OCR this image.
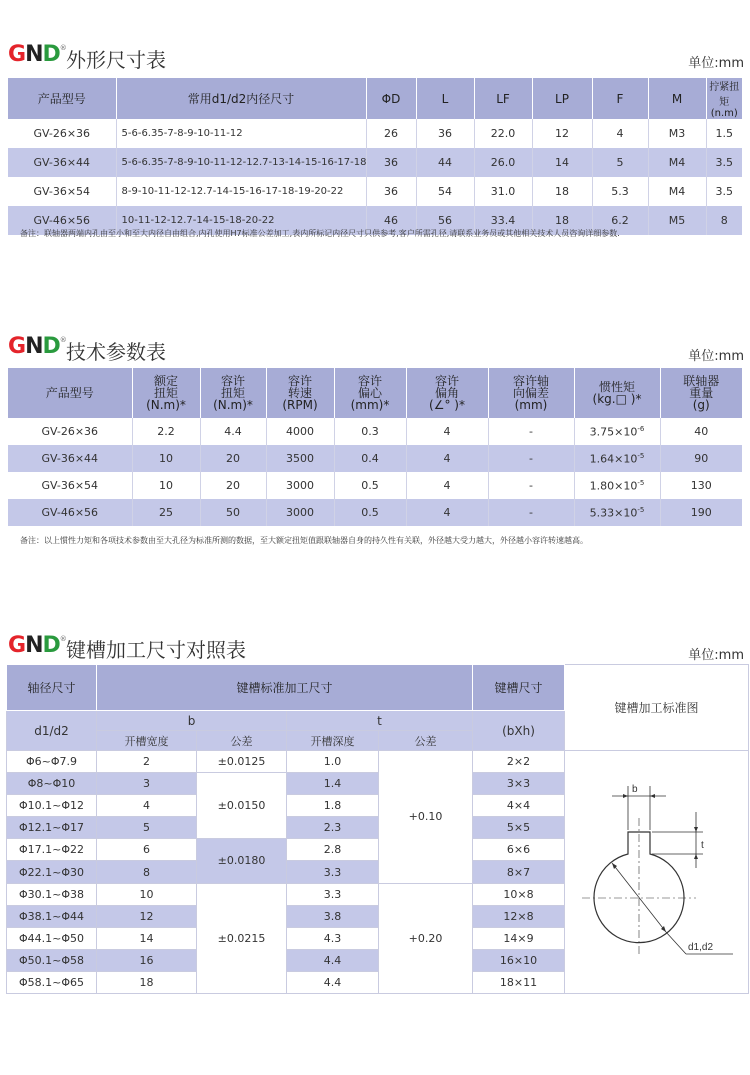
G N D ® 外形尺寸表	单位:mm
产品型号	常用d1/d2内径尺寸	ΦD	L	LF	LP	F	M	拧紧扭矩
(n.m)
GV-26×36	5-6-6.35-7-8-9-10-11-12	26	36	22.0	12	4	M3	1.5
GV-36×44	5-6-6.35-7-8-9-10-11-12-12.7-13-14-15-16-17-18	36	44	26.0	14	5	M4	3.5
GV-36×54	8-9-10-11-12-12.7-14-15-16-17-18-19-20-22	36	54	31.0	18	5.3	M4	3.5
GV-46×56	10-11-12-12.7-14-15-18-20-22	46	56	33.4	18	6.2	M5	8
备注：联轴器两端内孔由至小和至大内径自由组合,内孔使用H7标准公差加工,表内所标记内径尺寸只供参考,客户所需孔径,请联系业务员或其他相关技术人员咨询详细参数.
G N D ® 技术参数表	单位:mm
产品型号	额定
扭矩
(N.m)*	容许
扭矩
(N.m)*	容许
转速
(RPM)	容许
偏心
(mm)*	容许
偏角
(∠° )*	容许轴
向偏差
(mm)	惯性矩
(kg.□ )*	联轴器
重量
(g)
GV-26×36	2.2	4.4	4000	0.3	4	-	$3.75\times 10^{-6}$	40
GV-36×44	10	20	3500	0.4	4	-	$1.64\times 10^{-5}$	90
GV-36×54	10	20	3000	0.5	4	-	$1.80\times 10^{-5}$	130
GV-46×56	25	50	3000	0.5	4	-	$5.33\times 10^{-5}$	190
备注：以上惯性力矩和各项技术参数由至大孔径为标准所测的数据，至大额定扭矩值跟联轴器自身的持久性有关联，外径越大受力越大，外径越小容许转速越高。
G N D ® 键槽加工尺寸对照表	单位:mm
轴径尺寸	键槽标准加工尺寸				键槽尺寸	键槽加工标准图
d1/d2	b		t		(bXh)	
	开槽宽度	公差	开槽深度	公差		
Φ6~Φ7.9	2	±0.0125	1.0	+0.10	2×2	
Φ8~Φ10	3	±0.0150	1.4		3×3	
Φ10.1~Φ12	4		1.8		4×4	
Φ12.1~Φ17	5		2.3		5×5	
Φ17.1~Φ22	6	±0.0180	2.8		6×6	
Φ22.1~Φ30	8		3.3		8×7	
Φ30.1~Φ38	10	±0.0215	3.3	+0.20	10×8	
Φ38.1~Φ44	12		3.8		12×8	
Φ44.1~Φ50	14		4.3		14×9	
Φ50.1~Φ58	16		4.4		16×10	
Φ58.1~Φ65	18		4.4		18×11	
b
t
d1,d2
